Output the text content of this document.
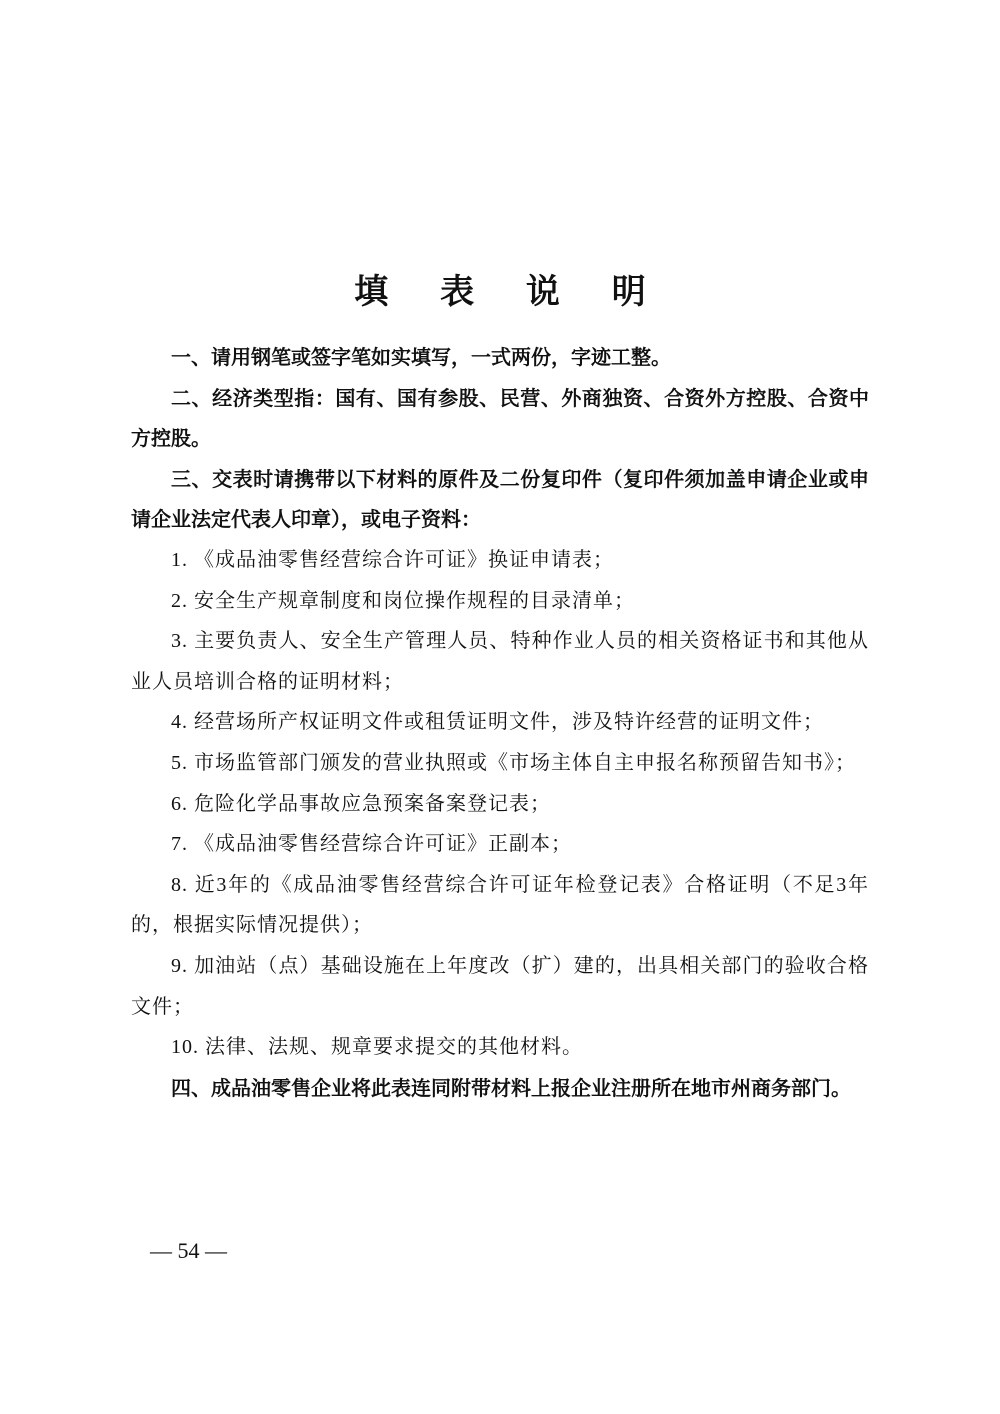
填 表 说 明

一、请用钢笔或签字笔如实填写，一式两份，字迹工整。

二、经济类型指：国有、国有参股、民营、外商独资、合资外方控股、合资中方控股。

三、交表时请携带以下材料的原件及二份复印件（复印件须加盖申请企业或申请企业法定代表人印章），或电子资料：

1. 《成品油零售经营综合许可证》换证申请表；

2. 安全生产规章制度和岗位操作规程的目录清单；

3. 主要负责人、安全生产管理人员、特种作业人员的相关资格证书和其他从业人员培训合格的证明材料；

4. 经营场所产权证明文件或租赁证明文件，涉及特许经营的证明文件；

5. 市场监管部门颁发的营业执照或《市场主体自主申报名称预留告知书》；

6. 危险化学品事故应急预案备案登记表；

7. 《成品油零售经营综合许可证》正副本；

8. 近3年的《成品油零售经营综合许可证年检登记表》合格证明（不足3年的，根据实际情况提供）；

9. 加油站（点）基础设施在上年度改（扩）建的，出具相关部门的验收合格文件；

10. 法律、法规、规章要求提交的其他材料。

四、成品油零售企业将此表连同附带材料上报企业注册所在地市州商务部门。

— 54 —
